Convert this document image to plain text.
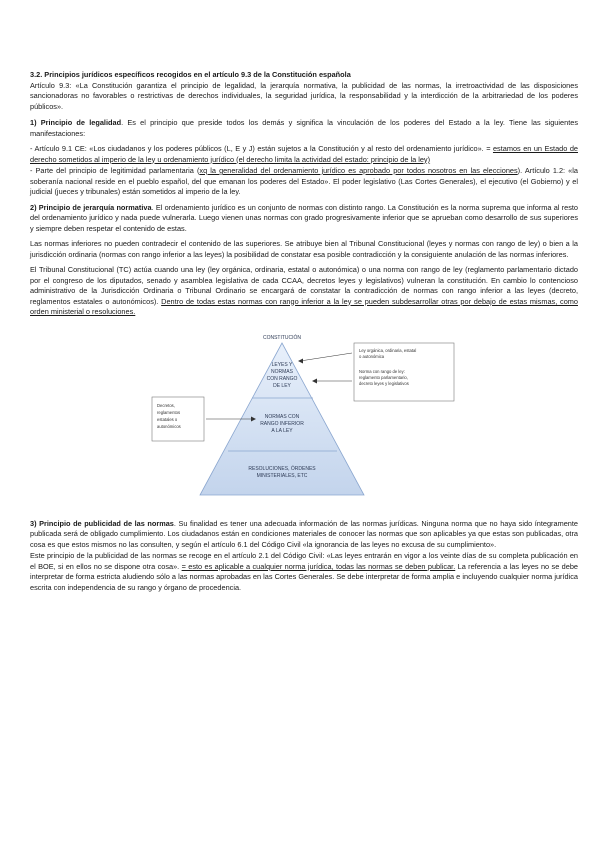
3.2. Principios jurídicos específicos recogidos en el artículo 9.3 de la Constitución española
Artículo 9.3: «La Constitución garantiza el principio de legalidad, la jerarquía normativa, la publicidad de las normas, la irretroactividad de las disposiciones sancionadoras no favorables o restrictivas de derechos individuales, la seguridad jurídica, la responsabilidad y la interdicción de la arbitrariedad de los poderes públicos».

1) Principio de legalidad. Es el principio que preside todos los demás y significa la vinculación de los poderes del Estado a la ley. Tiene las siguientes manifestaciones:

- Artículo 9.1 CE: «Los ciudadanos y los poderes públicos (L, E y J) están sujetos a la Constitución y al resto del ordenamiento jurídico». = estamos en un Estado de derecho sometidos al imperio de la ley u ordenamiento jurídico (el derecho limita la actividad del estado: principio de la ley)

- Parte del principio de legitimidad parlamentaria (xq la generalidad del ordenamiento jurídico es aprobado por todos nosotros en las elecciones). Artículo 1.2: «la soberanía nacional reside en el pueblo español, del que emanan los poderes del Estado». El poder legislativo (Las Cortes Generales), el ejecutivo (el Gobierno) y el judicial (jueces y tribunales) están sometidos al imperio de la ley.

2) Principio de jerarquía normativa. El ordenamiento jurídico es un conjunto de normas con distinto rango. La Constitución es la norma suprema que informa al resto del ordenamiento jurídico y nada puede vulnerarla. Luego vienen unas normas con grado progresivamente inferior que se aprueban como desarrollo de sus superiores y siempre deben respetar el contenido de estas.

Las normas inferiores no pueden contradecir el contenido de las superiores. Se atribuye bien al Tribunal Constitucional (leyes y normas con rango de ley) o bien a la jurisdicción ordinaria (normas con rango inferior a las leyes) la posibilidad de constatar esa posible contradicción y la consiguiente anulación de las normas inferiores.

El Tribunal Constitucional (TC) actúa cuando una ley (ley orgánica, ordinaria, estatal o autonómica) o una norma con rango de ley (reglamento parlamentario dictado por el congreso de los diputados, senado y asamblea legislativa de cada CCAA, decretos leyes y legislativos) vulneran la constitución. En cambio lo contencioso administrativo de la Jurisdicción Ordinaria o Tribunal Ordinario se encargará de constatar la contradicción de normas con rango inferior a las leyes (decreto, reglamentos estatales o autonómicos). Dentro de todas estas normas con rango inferior a la ley se pueden subdesarrollar otras por debajo de estas mismas, como orden ministerial o resoluciones.

CONSTITUCIÓN
LEYES Y
NORMAS
CON RANGO
DE LEY
NORMAS CON
RANGO INFERIOR
A LA LEY
RESOLUCIONES, ÓRDENES
MINISTERIALES, ETC
Ley orgánica, ordinaria, estatal
o autonómica
Norma con rango de ley:
reglamento parlamentario,
decreto leyes y legislativos
Decretos,
reglamentos
estatales o
autonómicos

3) Principio de publicidad de las normas. Su finalidad es tener una adecuada información de las normas jurídicas. Ninguna norma que no haya sido íntegramente publicada será de obligado cumplimiento. Los ciudadanos están en condiciones materiales de conocer las normas que son aplicables ya que estas son publicadas, otra cosa es que estos mismos no las consulten, y según el artículo 6.1 del Código Civil «la ignorancia de las leyes no excusa de su cumplimiento».

Este principio de la publicidad de las normas se recoge en el artículo 2.1 del Código Civil: «Las leyes entrarán en vigor a los veinte días de su completa publicación en el BOE, si en ellos no se dispone otra cosa». = esto es aplicable a cualquier norma jurídica, todas las normas se deben publicar. La referencia a las leyes no se debe interpretar de forma estricta aludiendo sólo a las normas aprobadas en las Cortes Generales. Se debe interpretar de forma amplia e incluyendo cualquier norma jurídica escrita con independencia de su rango y órgano de procedencia.
